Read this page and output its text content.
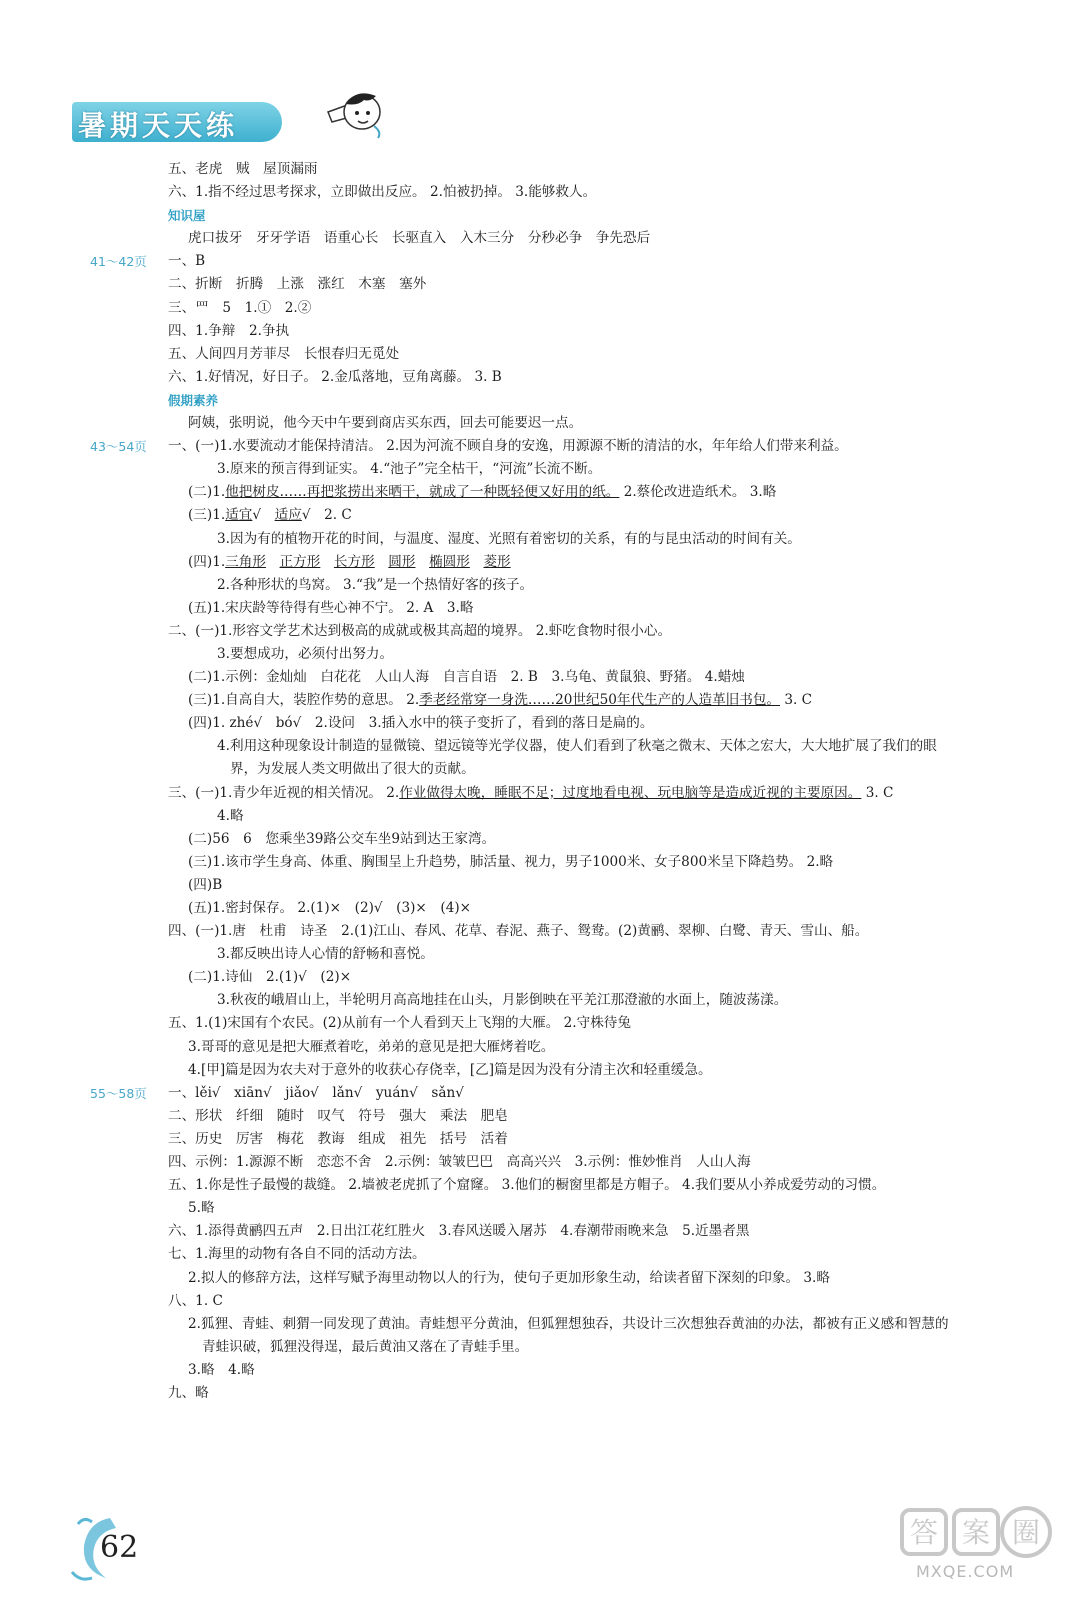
暑期天天练
五、老虎　贼　屋顶漏雨
六、1.指不经过思考探求，立即做出反应。 2.怕被扔掉。 3.能够救人。
知识屋
虎口拔牙　牙牙学语　语重心长　长驱直入　入木三分　分秒必争　争先恐后
41～42页 一、B
二、折断　折腾　上涨　涨红　木塞　塞外
三、罒　5　1.①　2.②
四、1.争辩　2.争执
五、人间四月芳菲尽　长恨春归无觅处
六、1.好情况，好日子。 2.金瓜落地，豆角离藤。 3. B
假期素养
阿姨，张明说，他今天中午要到商店买东西，回去可能要迟一点。
43～54页 一、(一)1.水要流动才能保持清洁。 2.因为河流不顾自身的安逸，用源源不断的清洁的水，年年给人们带来利益。
3.原来的预言得到证实。 4.“池子”完全枯干，“河流”长流不断。
(二)1.他把树皮……再把浆捞出来晒干，就成了一种既轻便又好用的纸。 2.蔡伦改进造纸术。 3.略
(三)1.适宜√　适应√　2. C
3.因为有的植物开花的时间，与温度、湿度、光照有着密切的关系，有的与昆虫活动的时间有关。
(四)1.三角形　 正方形　 长方形　 圆形　 椭圆形　 菱形
2.各种形状的鸟窝。 3.“我”是一个热情好客的孩子。
(五)1.宋庆龄等待得有些心神不宁。 2. A　3.略
二、(一)1.形容文学艺术达到极高的成就或极其高超的境界。 2.虾吃食物时很小心。
3.要想成功，必须付出努力。
(二)1.示例：金灿灿　白花花　人山人海　自言自语　2. B　3.乌龟、黄鼠狼、野猪。 4.蜡烛
(三)1.自高自大，装腔作势的意思。 2.季老经常穿一身洗……20世纪50年代生产的人造革旧书包。 3. C
(四)1. zhé√　bó√　2.设问　3.插入水中的筷子变折了，看到的落日是扁的。
4.利用这种现象设计制造的显微镜、望远镜等光学仪器，使人们看到了秋毫之微末、天体之宏大，大大地扩展了我们的眼
界，为发展人类文明做出了很大的贡献。
三、(一)1.青少年近视的相关情况。 2.作业做得太晚，睡眠不足；过度地看电视、玩电脑等是造成近视的主要原因。 3. C
4.略
(二)56　6　您乘坐39路公交车坐9站到达王家湾。
(三)1.该市学生身高、体重、胸围呈上升趋势，肺活量、视力，男子1000米、女子800米呈下降趋势。 2.略
(四)B
(五)1.密封保存。 2.(1)×　(2)√　(3)×　(4)×
四、(一)1.唐　杜甫　诗圣　2.(1)江山、春风、花草、春泥、燕子、鸳鸯。(2)黄鹂、翠柳、白鹭、青天、雪山、船。
3.都反映出诗人心情的舒畅和喜悦。
(二)1.诗仙　2.(1)√　(2)×
3.秋夜的峨眉山上，半轮明月高高地挂在山头，月影倒映在平羌江那澄澈的水面上，随波荡漾。
五、1.(1)宋国有个农民。(2)从前有一个人看到天上飞翔的大雁。 2.守株待兔
3.哥哥的意见是把大雁煮着吃，弟弟的意见是把大雁烤着吃。
4.[甲]篇是因为农夫对于意外的收获心存侥幸，[乙]篇是因为没有分清主次和轻重缓急。
55～58页 一、lěi√　xiān√　jiǎo√　lǎn√　yuán√　sǎn√
二、形状　纤细　随时　叹气　符号　强大　乘法　肥皂
三、历史　厉害　梅花　教诲　组成　祖先　括号　活着
四、示例：1.源源不断　恋恋不舍　2.示例：皱皱巴巴　高高兴兴　3.示例：惟妙惟肖　人山人海
五、1.你是性子最慢的裁缝。 2.墙被老虎抓了个窟窿。 3.他们的橱窗里都是方帽子。 4.我们要从小养成爱劳动的习惯。
5.略
六、1.添得黄鹂四五声　2.日出江花红胜火　3.春风送暖入屠苏　4.春潮带雨晚来急　5.近墨者黑
七、1.海里的动物有各自不同的活动方法。
2.拟人的修辞方法，这样写赋予海里动物以人的行为，使句子更加形象生动，给读者留下深刻的印象。 3.略
八、1. C
2.狐狸、青蛙、刺猬一同发现了黄油。青蛙想平分黄油，但狐狸想独吞，共设计三次想独吞黄油的办法，都被有正义感和智慧的
青蛙识破，狐狸没得逞，最后黄油又落在了青蛙手里。
3.略　4.略
九、略
62	答 案 圈
MXQE.COM
